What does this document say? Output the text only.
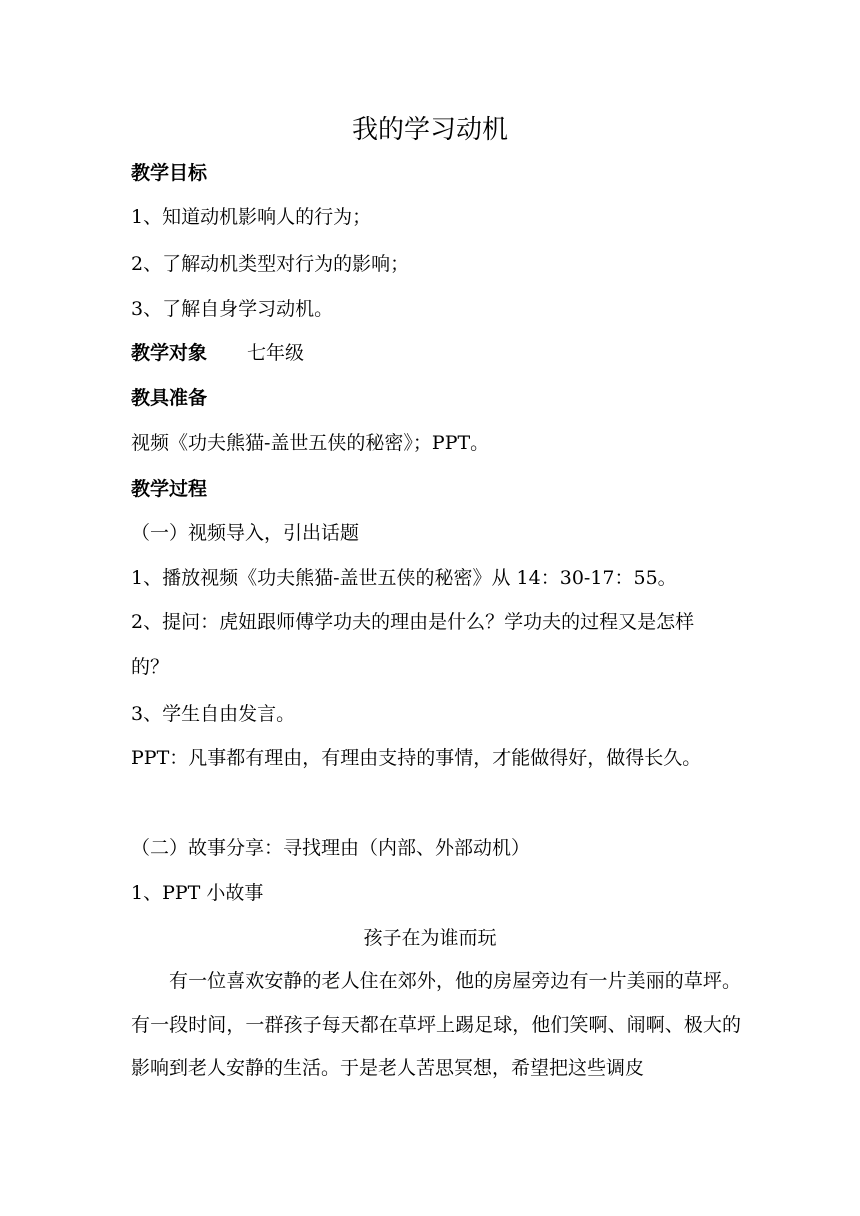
我的学习动机
教学目标
1、知道动机影响人的行为；
2、了解动机类型对行为的影响；
3、了解自身学习动机。
教学对象 七年级
教具准备
视频《功夫熊猫-盖世五侠的秘密》；PPT。
教学过程
（一）视频导入，引出话题
1、播放视频《功夫熊猫-盖世五侠的秘密》从 14：30-17：55。
2、提问：虎妞跟师傅学功夫的理由是什么？学功夫的过程又是怎样
的？
3、学生自由发言。
PPT：凡事都有理由，有理由支持的事情，才能做得好，做得长久。
（二）故事分享：寻找理由（内部、外部动机）
1、PPT 小故事
孩子在为谁而玩
有一位喜欢安静的老人住在郊外，他的房屋旁边有一片美丽的草坪。有一段时间，一群孩子每天都在草坪上踢足球，他们笑啊、闹啊、极大的影响到老人安静的生活。于是老人苦思冥想，希望把这些调皮
